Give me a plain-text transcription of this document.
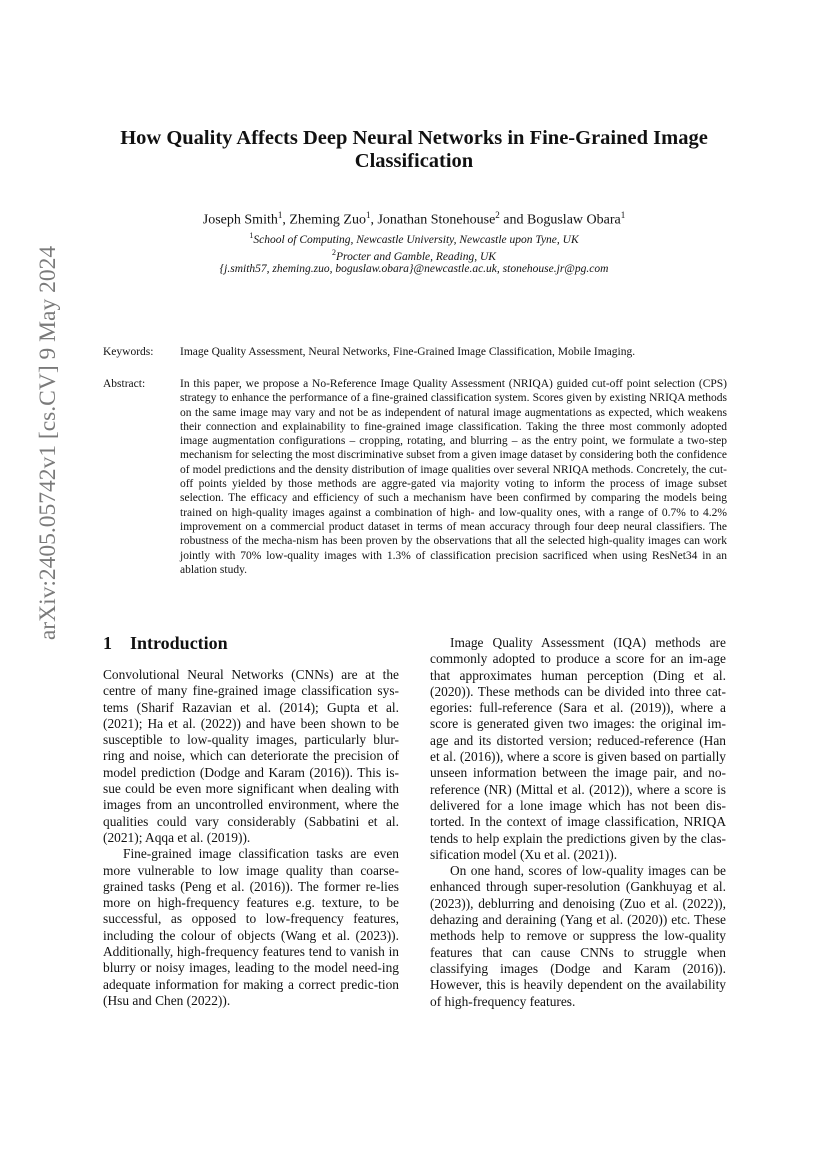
arXiv:2405.05742v1 [cs.CV] 9 May 2024
How Quality Affects Deep Neural Networks in Fine-Grained Image Classification
Joseph Smith$^1$, Zheming Zuo$^1$, Jonathan Stonehouse$^2$ and Boguslaw Obara$^1$
$^1$School of Computing, Newcastle University, Newcastle upon Tyne, UK
$^2$Procter and Gamble, Reading, UK
{j.smith57, zheming.zuo, boguslaw.obara}@newcastle.ac.uk, stonehouse.jr@pg.com
Keywords:	Image Quality Assessment, Neural Networks, Fine-Grained Image Classification, Mobile Imaging.
Abstract:	In this paper, we propose a No-Reference Image Quality Assessment (NRIQA) guided cut-off point selection (CPS) strategy to enhance the performance of a fine-grained classification system. Scores given by existing NRIQA methods on the same image may vary and not be as independent of natural image augmentations as expected, which weakens their connection and explainability to fine-grained image classification. Taking the three most commonly adopted image augmentation configurations – cropping, rotating, and blurring – as the entry point, we formulate a two-step mechanism for selecting the most discriminative subset from a given image dataset by considering both the confidence of model predictions and the density distribution of image qualities over several NRIQA methods. Concretely, the cut-off points yielded by those methods are aggre-gated via majority voting to inform the process of image subset selection. The efficacy and efficiency of such a mechanism have been confirmed by comparing the models being trained on high-quality images against a combination of high- and low-quality ones, with a range of 0.7% to 4.2% improvement on a commercial product dataset in terms of mean accuracy through four deep neural classifiers. The robustness of the mecha-nism has been proven by the observations that all the selected high-quality images can work jointly with 70% low-quality images with 1.3% of classification precision sacrificed when using ResNet34 in an ablation study.
1 Introduction

Convolutional Neural Networks (CNNs) are at the centre of many fine-grained image classification sys-tems (Sharif Razavian et al. (2014); Gupta et al. (2021); Ha et al. (2022)) and have been shown to be susceptible to low-quality images, particularly blur-ring and noise, which can deteriorate the precision of model prediction (Dodge and Karam (2016)). This is-sue could be even more significant when dealing with images from an uncontrolled environment, where the qualities could vary considerably (Sabbatini et al. (2021); Aqqa et al. (2019)).

Fine-grained image classification tasks are even more vulnerable to low image quality than coarse-grained tasks (Peng et al. (2016)). The former re-lies more on high-frequency features e.g. texture, to be successful, as opposed to low-frequency features, including the colour of objects (Wang et al. (2023)). Additionally, high-frequency features tend to vanish in blurry or noisy images, leading to the model need-ing adequate information for making a correct predic-tion (Hsu and Chen (2022)).

Image Quality Assessment (IQA) methods are commonly adopted to produce a score for an im-age that approximates human perception (Ding et al. (2020)). These methods can be divided into three cat-egories: full-reference (Sara et al. (2019)), where a score is generated given two images: the original im-age and its distorted version; reduced-reference (Han et al. (2016)), where a score is given based on partially unseen information between the image pair, and no-reference (NR) (Mittal et al. (2012)), where a score is delivered for a lone image which has not been dis-torted. In the context of image classification, NRIQA tends to help explain the predictions given by the clas-sification model (Xu et al. (2021)).

On one hand, scores of low-quality images can be enhanced through super-resolution (Gankhuyag et al. (2023)), deblurring and denoising (Zuo et al. (2022)), dehazing and deraining (Yang et al. (2020)) etc. These methods help to remove or suppress the low-quality features that can cause CNNs to struggle when classifying images (Dodge and Karam (2016)). However, this is heavily dependent on the availability of high-frequency features.
